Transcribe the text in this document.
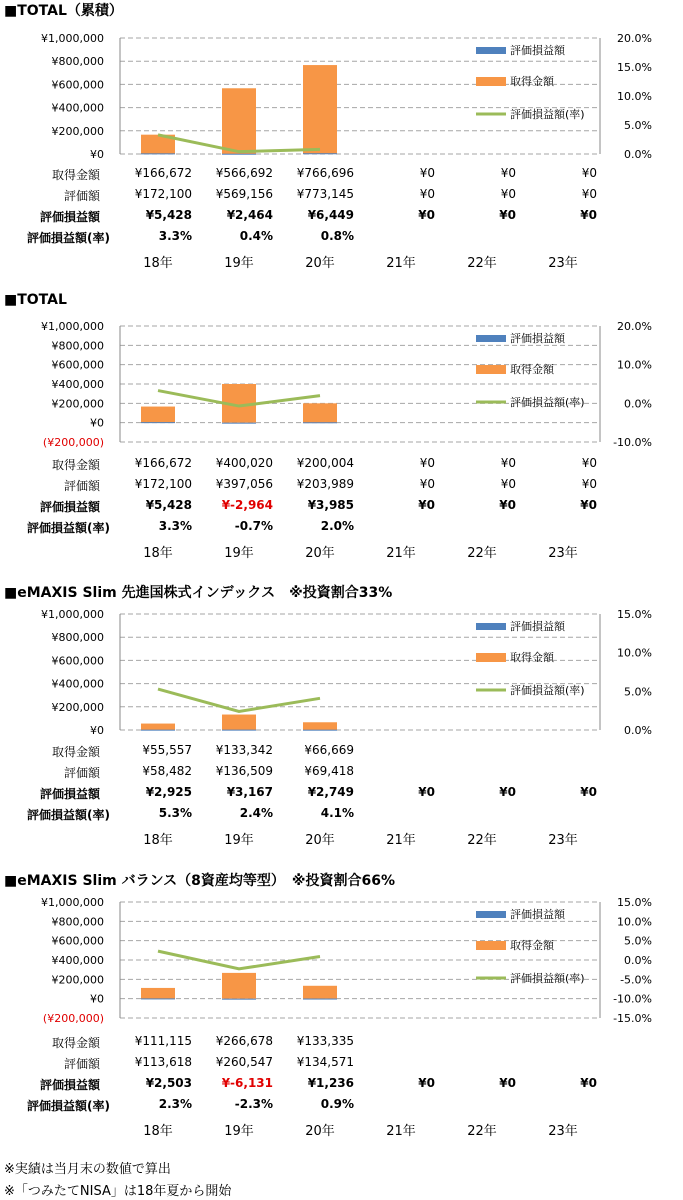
■TOTAL（累積）
¥1,000,000
¥800,000
¥600,000
¥400,000
¥200,000
¥0
20.0%
15.0%
10.0%
5.0%
0.0%
評価損益額
取得金額
評価損益額(率)
取得金額	¥166,672	¥566,692	¥766,696	¥0	¥0	¥0
評価額	¥172,100	¥569,156	¥773,145	¥0	¥0	¥0
評価損益額	¥5,428	¥2,464	¥6,449	¥0	¥0	¥0
評価損益額(率)	3.3%	0.4%	0.8%
18年	19年	20年	21年	22年	23年
■TOTAL
¥1,000,000
¥800,000
¥600,000
¥400,000
¥200,000
¥0
(¥200,000)
20.0%
10.0%
0.0%
-10.0%
評価損益額
取得金額
評価損益額(率)
取得金額	¥166,672	¥400,020	¥200,004	¥0	¥0	¥0
評価額	¥172,100	¥397,056	¥203,989	¥0	¥0	¥0
評価損益額	¥5,428	¥-2,964	¥3,985	¥0	¥0	¥0
評価損益額(率)	3.3%	-0.7%	2.0%
18年	19年	20年	21年	22年	23年
■eMAXIS Slim 先進国株式インデックス　※投資割合33%
¥1,000,000
¥800,000
¥600,000
¥400,000
¥200,000
¥0
15.0%
10.0%
5.0%
0.0%
評価損益額
取得金額
評価損益額(率)
取得金額	¥55,557	¥133,342	¥66,669
評価額	¥58,482	¥136,509	¥69,418
評価損益額	¥2,925	¥3,167	¥2,749	¥0	¥0	¥0
評価損益額(率)	5.3%	2.4%	4.1%
18年	19年	20年	21年	22年	23年
■eMAXIS Slim バランス（8資産均等型）　※投資割合66%
¥1,000,000
¥800,000
¥600,000
¥400,000
¥200,000
¥0
(¥200,000)
15.0%
10.0%
5.0%
0.0%
-5.0%
-10.0%
-15.0%
評価損益額
取得金額
評価損益額(率)
取得金額	¥111,115	¥266,678	¥133,335
評価額	¥113,618	¥260,547	¥134,571
評価損益額	¥2,503	¥-6,131	¥1,236	¥0	¥0	¥0
評価損益額(率)	2.3%	-2.3%	0.9%
18年	19年	20年	21年	22年	23年
※実績は当月末の数値で算出
※「つみたてNISA」は18年夏から開始
